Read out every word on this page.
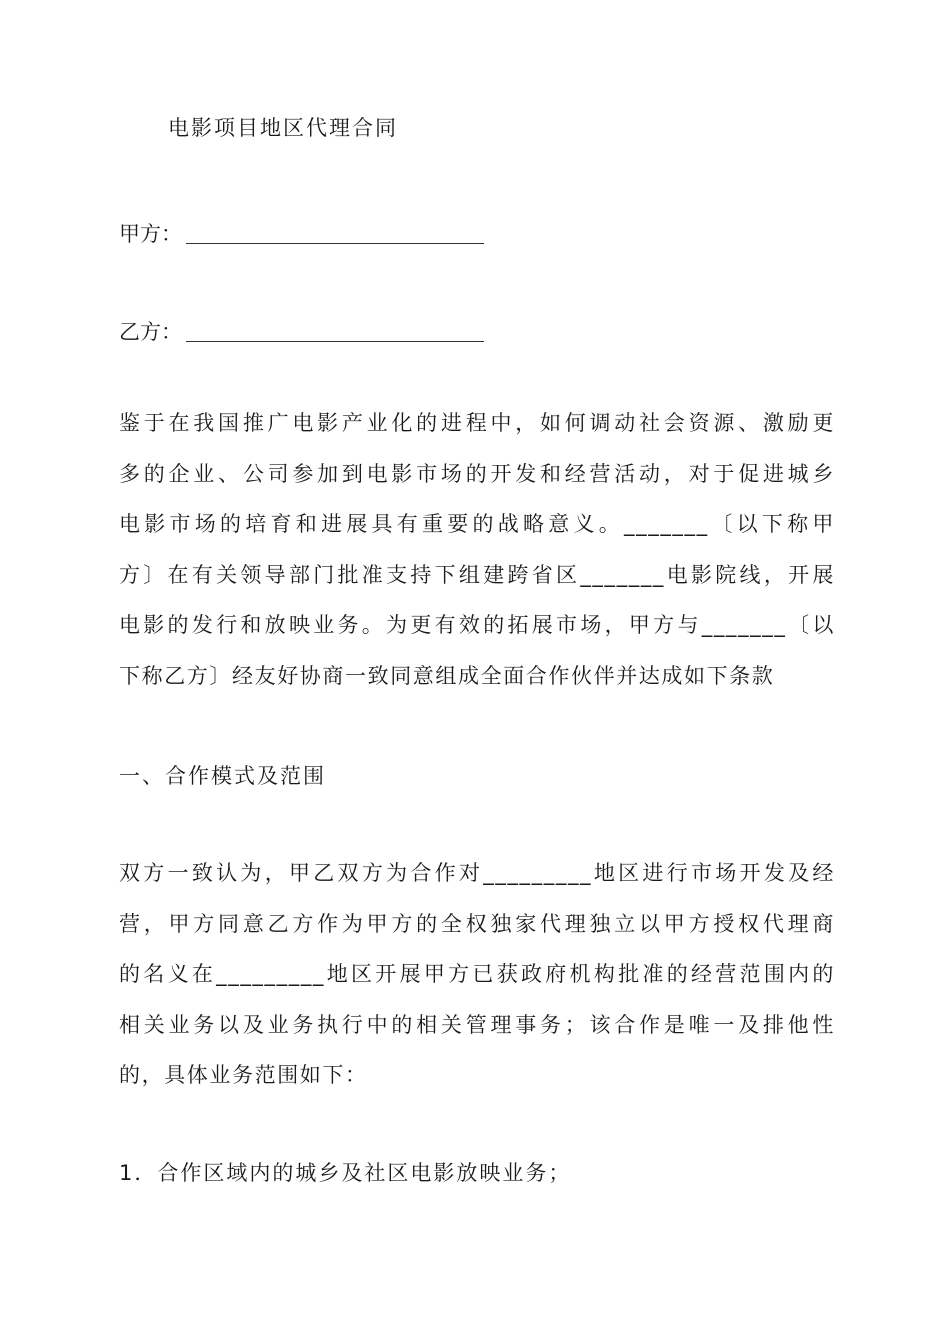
电影项目地区代理合同
甲方：
乙方：
鉴于在我国推广电影产业化的进程中，如何调动社会资源、激励更
多的企业、公司参加到电影市场的开发和经营活动，对于促进城乡
电影市场的培育和进展具有重要的战略意义。_______〔以下称甲
方〕在有关领导部门批准支持下组建跨省区_______电影院线，开展
电影的发行和放映业务。为更有效的拓展市场，甲方与_______〔以
下称乙方〕经友好协商一致同意组成全面合作伙伴并达成如下条款
一、合作模式及范围
双方一致认为，甲乙双方为合作对_________地区进行市场开发及经
营，甲方同意乙方作为甲方的全权独家代理独立以甲方授权代理商
的名义在_________地区开展甲方已获政府机构批准的经营范围内的
相关业务以及业务执行中的相关管理事务；该合作是唯一及排他性
的，具体业务范围如下：
1．合作区域内的城乡及社区电影放映业务；
